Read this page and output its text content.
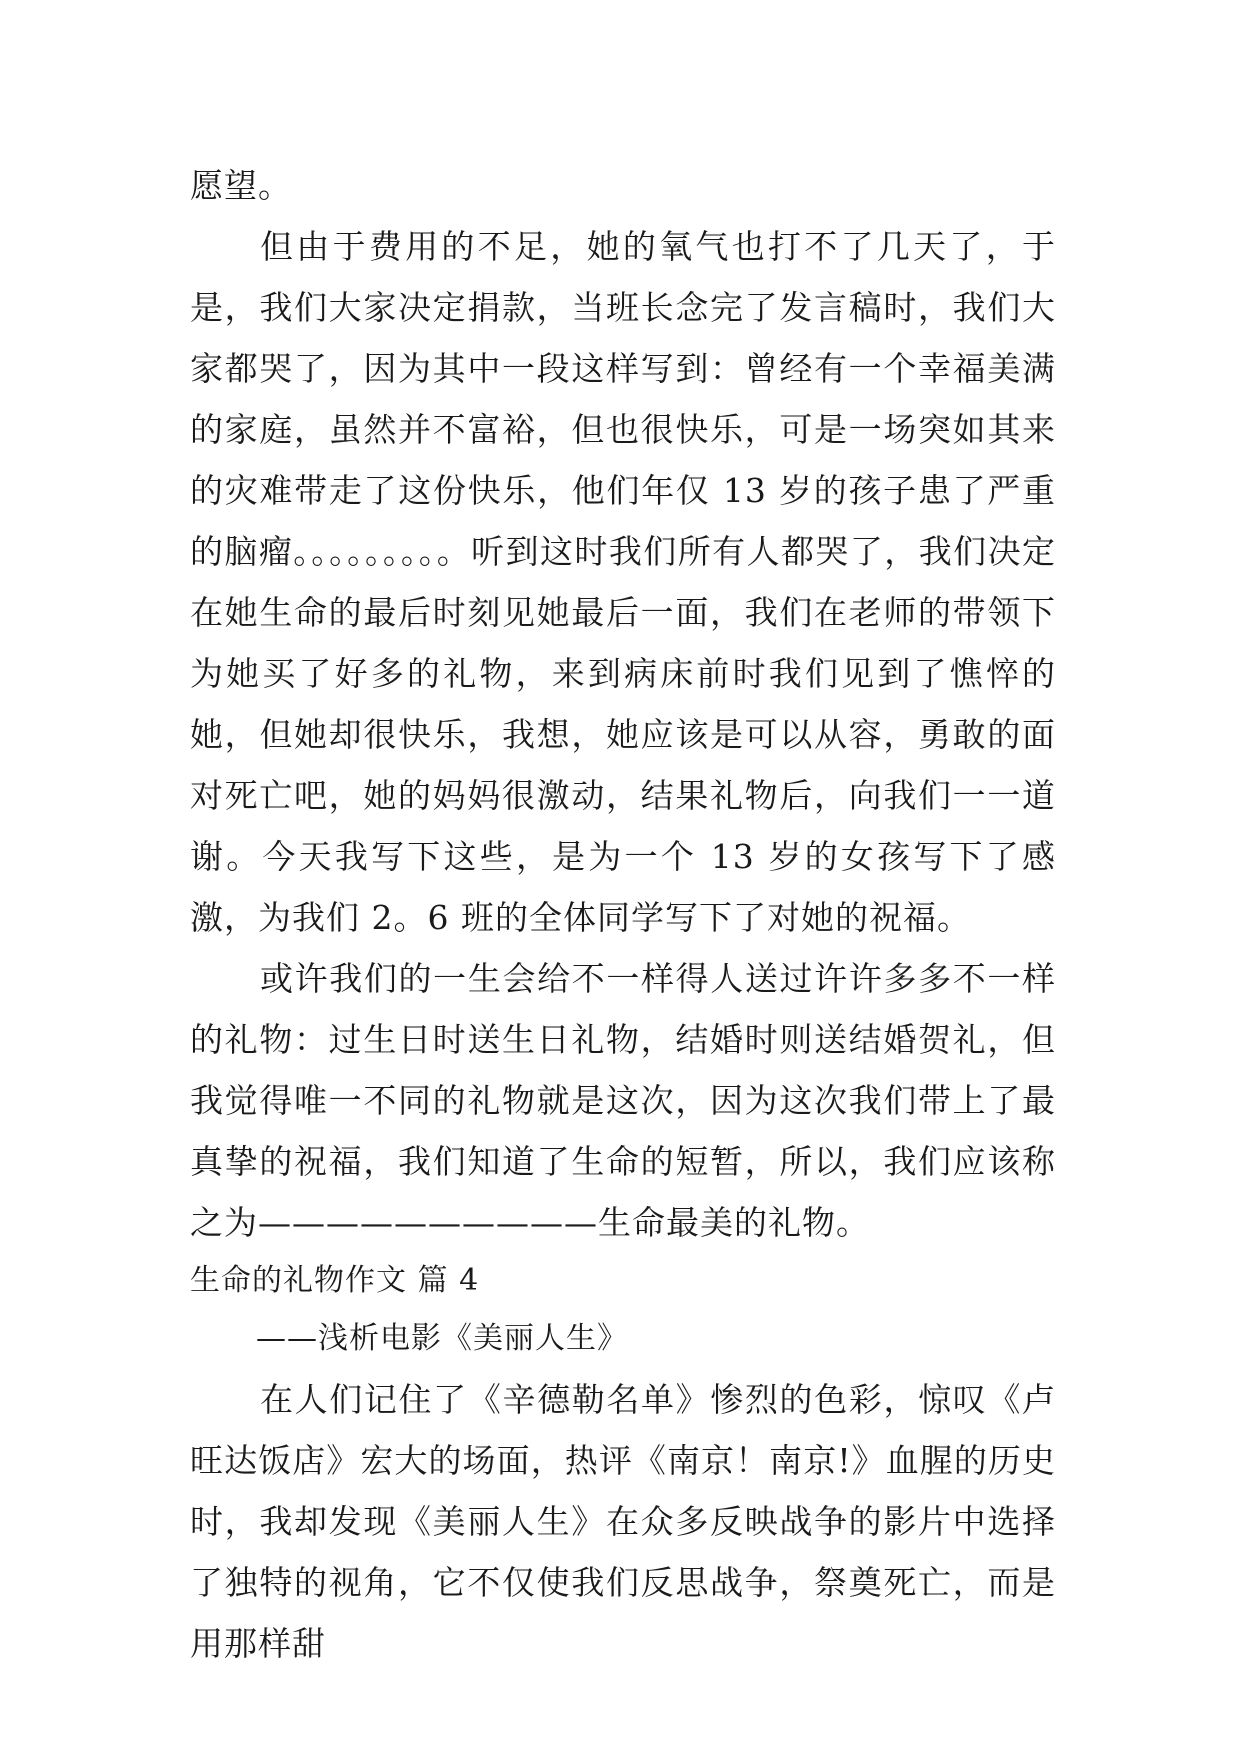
愿望。

但由于费用的不足，她的氧气也打不了几天了，于是，我们大家决定捐款，当班长念完了发言稿时，我们大家都哭了，因为其中一段这样写到：曾经有一个幸福美满的家庭，虽然并不富裕，但也很快乐，可是一场突如其来的灾难带走了这份快乐，他们年仅 13 岁的孩子患了严重的脑瘤。。。。。。。。。听到这时我们所有人都哭了，我们决定在她生命的最后时刻见她最后一面，我们在老师的带领下为她买了好多的礼物，来到病床前时我们见到了憔悴的她，但她却很快乐，我想，她应该是可以从容，勇敢的面对死亡吧，她的妈妈很激动，结果礼物后，向我们一一道谢。今天我写下这些，是为一个 13 岁的女孩写下了感激，为我们 2。6 班的全体同学写下了对她的祝福。

或许我们的一生会给不一样得人送过许许多多不一样的礼物：过生日时送生日礼物，结婚时则送结婚贺礼，但我觉得唯一不同的礼物就是这次，因为这次我们带上了最真挚的祝福，我们知道了生命的短暂，所以，我们应该称之为——————————生命最美的礼物。

生命的礼物作文 篇 4

——浅析电影《美丽人生》

在人们记住了《辛德勒名单》惨烈的色彩，惊叹《卢旺达饭店》宏大的场面，热评《南京！南京!》血腥的历史时，我却发现《美丽人生》在众多反映战争的影片中选择了独特的视角，它不仅使我们反思战争，祭奠死亡，而是用那样甜
